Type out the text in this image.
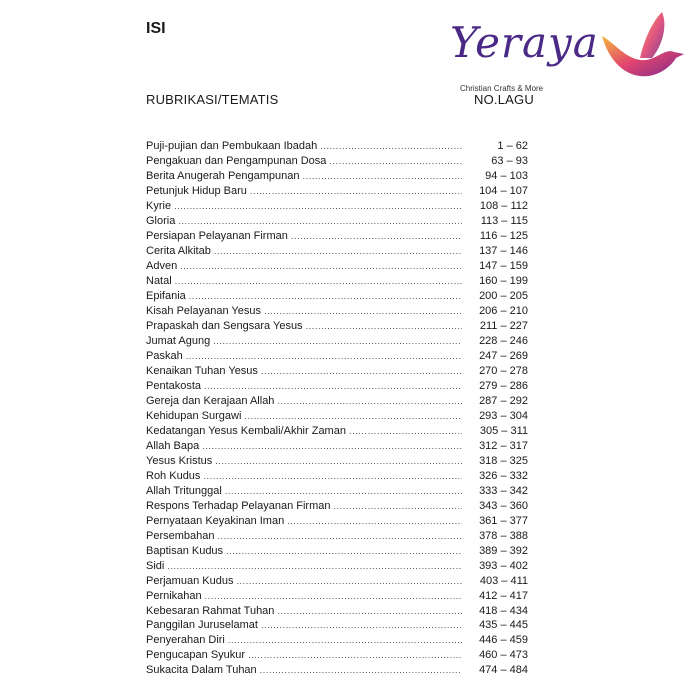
ISI
RUBRIKASI/TEMATIS	NO.LAGU
Yeraya
Christian Crafts & More
Puji-pujian dan Pembukaan Ibadah .....	1 – 62
Pengakuan dan Pengampunan Dosa .....	63 – 93
Berita Anugerah Pengampunan .....	94 – 103
Petunjuk Hidup Baru .....	104 – 107
Kyrie .....	108 – 112
Gloria .....	113 – 115
Persiapan Pelayanan Firman .....	116 – 125
Cerita Alkitab .....	137 – 146
Adven .....	147 – 159
Natal .....	160 – 199
Epifania .....	200 – 205
Kisah Pelayanan Yesus .....	206 – 210
Prapaskah dan Sengsara Yesus .....	211 – 227
Jumat Agung .....	228 – 246
Paskah .....	247 – 269
Kenaikan Tuhan Yesus .....	270 – 278
Pentakosta .....	279 – 286
Gereja dan Kerajaan Allah .....	287 – 292
Kehidupan Surgawi .....	293 – 304
Kedatangan Yesus Kembali/Akhir Zaman .....	305 – 311
Allah Bapa .....	312 – 317
Yesus Kristus .....	318 – 325
Roh Kudus .....	326 – 332
Allah Tritunggal .....	333 – 342
Respons Terhadap Pelayanan Firman .....	343 – 360
Pernyataan Keyakinan Iman .....	361 – 377
Persembahan .....	378 – 388
Baptisan Kudus .....	389 – 392
Sidi .....	393 – 402
Perjamuan Kudus .....	403 – 411
Pernikahan .....	412 – 417
Kebesaran Rahmat Tuhan .....	418 – 434
Panggilan Juruselamat .....	435 – 445
Penyerahan Diri .....	446 – 459
Pengucapan Syukur .....	460 – 473
Sukacita Dalam Tuhan .....	474 – 484
